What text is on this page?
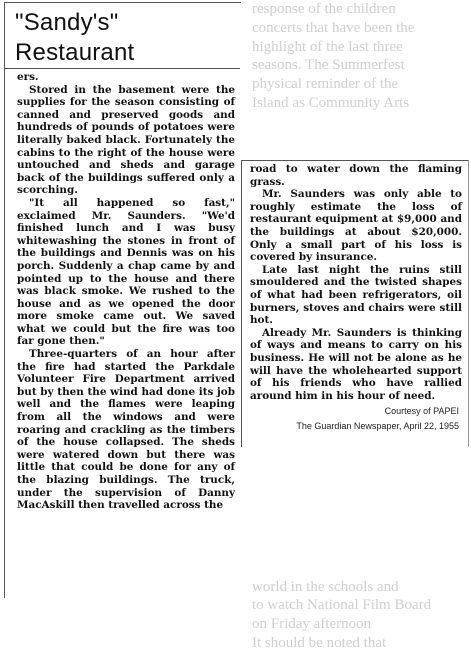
response of the children

concerts that have been the

highlight of the last three

seasons. The Summerfest

physical reminder of the

Island as Community Arts

world in the schools and

to watch National Film Board

on Friday afternoon

It should be noted that

"Sandy's" Restaurant

ers.

Stored in the basement were the supplies for the season consisting of canned and preserved goods and hundreds of pounds of potatoes were literally baked black. Fortunately the cabins to the right of the house were untouched and sheds and garage back of the buildings suffered only a scorching.

"It all happened so fast," exclaimed Mr. Saunders. "We'd finished lunch and I was busy whitewashing the stones in front of the buildings and Dennis was on his porch. Suddenly a chap came by and pointed up to the house and there was black smoke. We rushed to the house and as we opened the door more smoke came out. We saved what we could but the fire was too far gone then."

Three-quarters of an hour after the fire had started the Parkdale Volunteer Fire Department arrived but by then the wind had done its job well and the flames were leaping from all the windows and were roaring and crackling as the timbers of the house collapsed. The sheds were watered down but there was little that could be done for any of the blazing buildings. The truck, under the supervision of Danny MacAskill then travelled across the

road to water down the flaming grass.

Mr. Saunders was only able to roughly estimate the loss of restaurant equipment at $9,000 and the buildings at about $20,000. Only a small part of his loss is covered by insurance.

Late last night the ruins still smouldered and the twisted shapes of what had been refrigerators, oil burners, stoves and chairs were still hot.

Already Mr. Saunders is thinking of ways and means to carry on his business. He will not be alone as he will have the wholehearted support of his friends who have rallied around him in his hour of need.

Courtesy of PAPEI
The Guardian Newspaper, April 22, 1955
